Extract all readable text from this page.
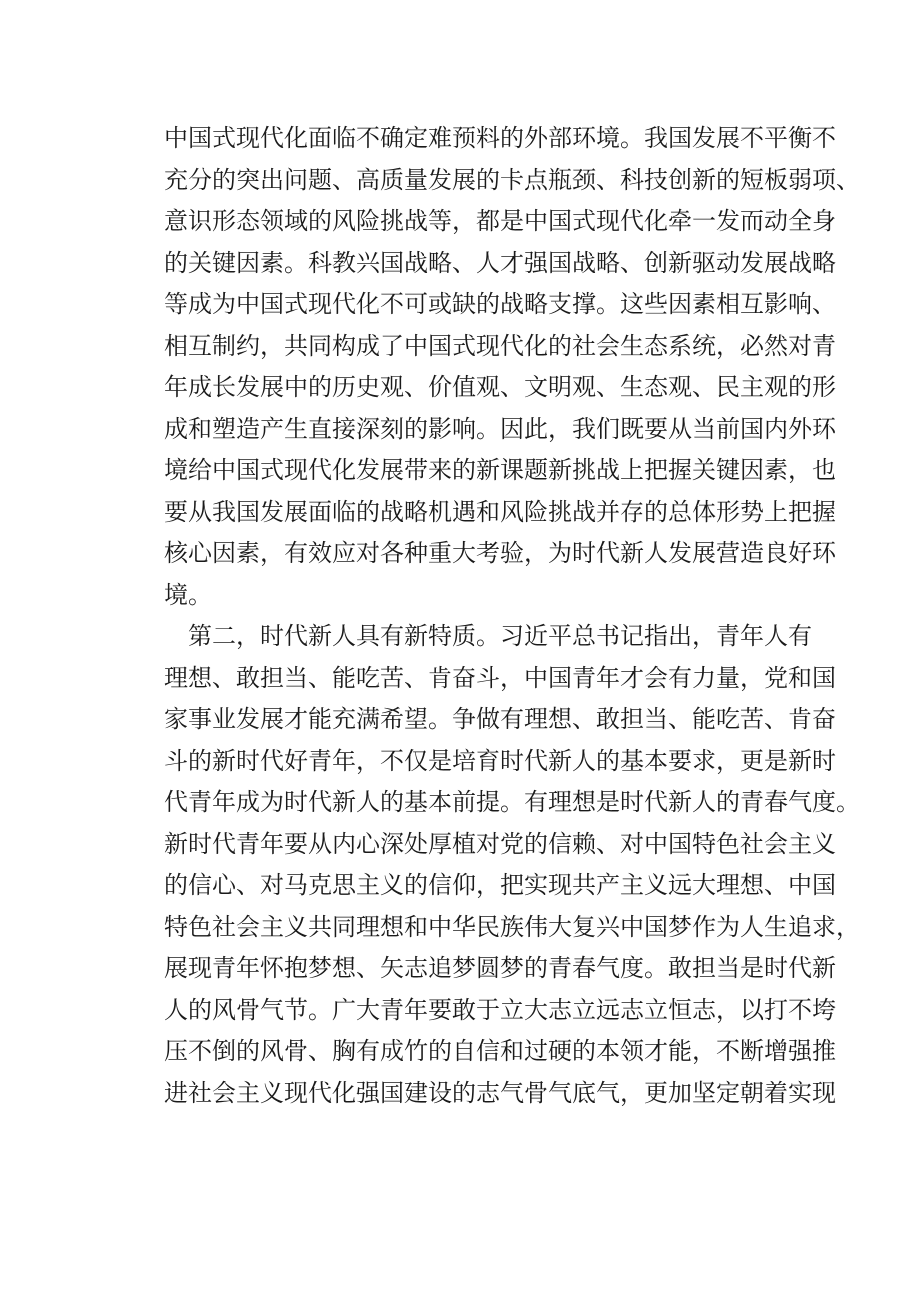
中国式现代化面临不确定难预料的外部环境。我国发展不平衡不
充分的突出问题、高质量发展的卡点瓶颈、科技创新的短板弱项、
意识形态领域的风险挑战等，都是中国式现代化牵一发而动全身
的关键因素。科教兴国战略、人才强国战略、创新驱动发展战略
等成为中国式现代化不可或缺的战略支撑。这些因素相互影响、
相互制约，共同构成了中国式现代化的社会生态系统，必然对青
年成长发展中的历史观、价值观、文明观、生态观、民主观的形
成和塑造产生直接深刻的影响。因此，我们既要从当前国内外环
境给中国式现代化发展带来的新课题新挑战上把握关键因素，也
要从我国发展面临的战略机遇和风险挑战并存的总体形势上把握
核心因素，有效应对各种重大考验，为时代新人发展营造良好环
境。
第二，时代新人具有新特质。习近平总书记指出，青年人有
理想、敢担当、能吃苦、肯奋斗，中国青年才会有力量，党和国
家事业发展才能充满希望。争做有理想、敢担当、能吃苦、肯奋
斗的新时代好青年，不仅是培育时代新人的基本要求，更是新时
代青年成为时代新人的基本前提。有理想是时代新人的青春气度。
新时代青年要从内心深处厚植对党的信赖、对中国特色社会主义
的信心、对马克思主义的信仰，把实现共产主义远大理想、中国
特色社会主义共同理想和中华民族伟大复兴中国梦作为人生追求，
展现青年怀抱梦想、矢志追梦圆梦的青春气度。敢担当是时代新
人的风骨气节。广大青年要敢于立大志立远志立恒志，以打不垮
压不倒的风骨、胸有成竹的自信和过硬的本领才能，不断增强推
进社会主义现代化强国建设的志气骨气底气，更加坚定朝着实现
